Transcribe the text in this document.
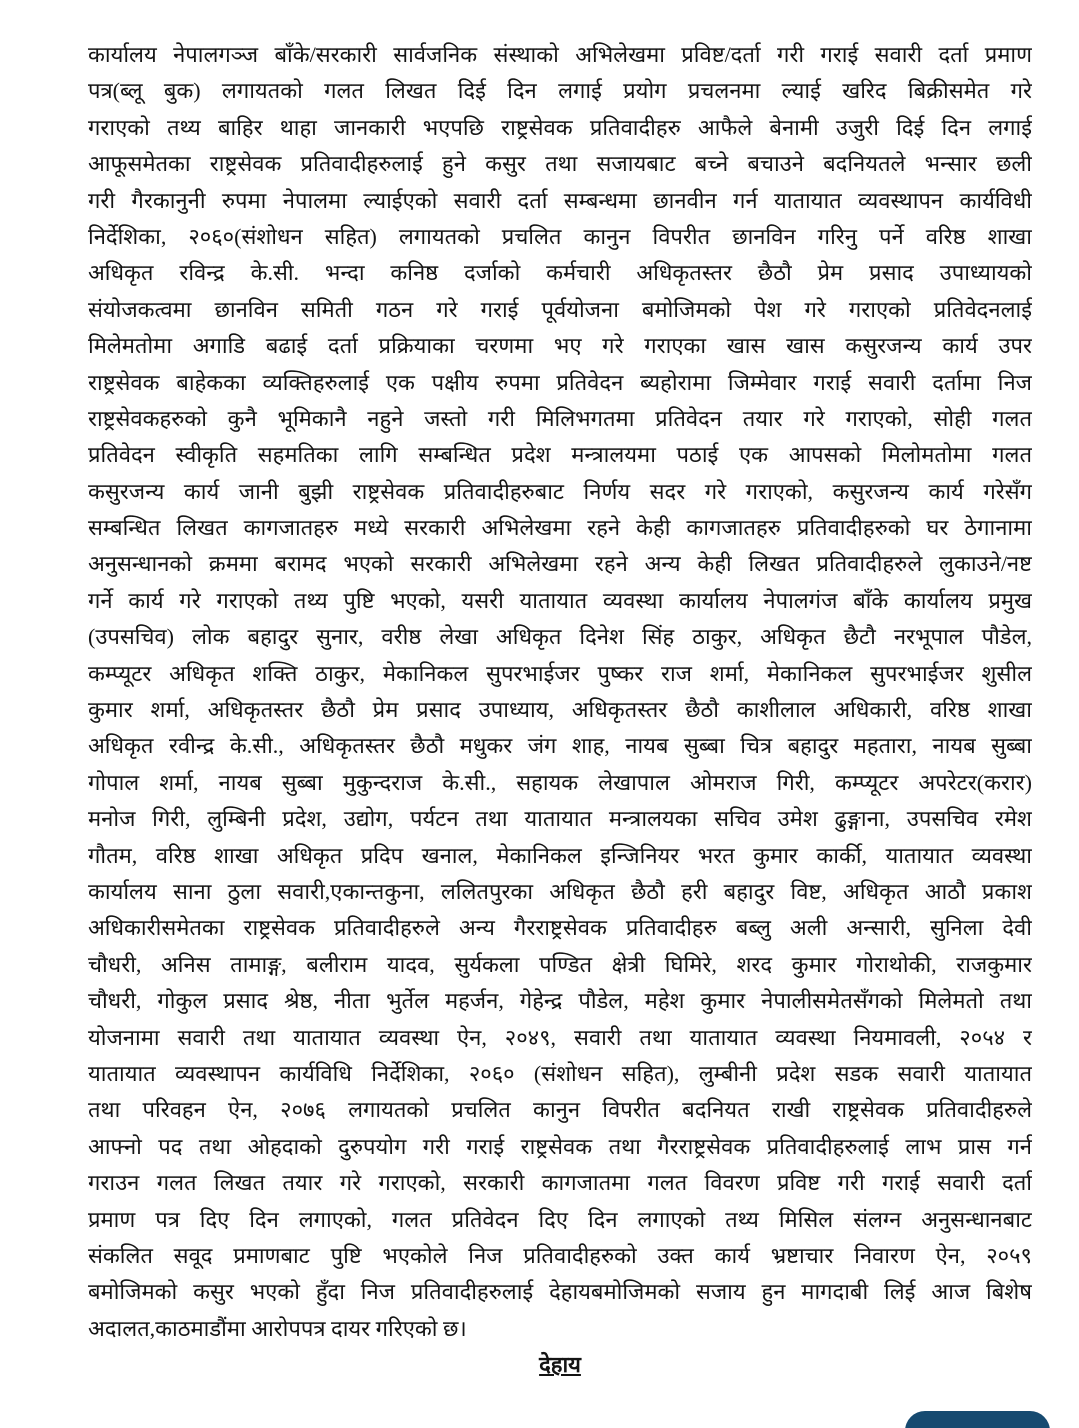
कार्यालय नेपालगञ्ज बाँके/सरकारी सार्वजनिक संस्थाको अभिलेखमा प्रविष्ट/दर्ता गरी गराई सवारी दर्ता प्रमाण
पत्र(ब्लू बुक) लगायतको गलत लिखत दिई दिन लगाई प्रयोग प्रचलनमा ल्याई खरिद बिक्रीसमेत गरे
गराएको तथ्य बाहिर थाहा जानकारी भएपछि राष्ट्रसेवक प्रतिवादीहरु आफैले बेनामी उजुरी दिई दिन लगाई
आफूसमेतका राष्ट्रसेवक प्रतिवादीहरुलाई हुने कसुर तथा सजायबाट बच्ने बचाउने बदनियतले भन्सार छली
गरी गैरकानुनी रुपमा नेपालमा ल्याईएको सवारी दर्ता सम्बन्धमा छानवीन गर्न यातायात व्यवस्थापन कार्यविधी
निर्देशिका, २०६०(संशोधन सहित) लगायतको प्रचलित कानुन विपरीत छानविन गरिनु पर्ने वरिष्ठ शाखा
अधिकृत रविन्द्र के.सी. भन्दा कनिष्ठ दर्जाको कर्मचारी अधिकृतस्तर छैठौ प्रेम प्रसाद उपाध्यायको
संयोजकत्वमा छानविन समिती गठन गरे गराई पूर्वयोजना बमोजिमको पेश गरे गराएको प्रतिवेदनलाई
मिलेमतोमा अगाडि बढाई दर्ता प्रक्रियाका चरणमा भए गरे गराएका खास खास कसुरजन्य कार्य उपर
राष्ट्रसेवक बाहेकका व्यक्तिहरुलाई एक पक्षीय रुपमा प्रतिवेदन ब्यहोरामा जिम्मेवार गराई सवारी दर्तामा निज
राष्ट्रसेवकहरुको कुनै भूमिकानै नहुने जस्तो गरी मिलिभगतमा प्रतिवेदन तयार गरे गराएको, सोही गलत
प्रतिवेदन स्वीकृति सहमतिका लागि सम्बन्धित प्रदेश मन्त्रालयमा पठाई एक आपसको मिलोमतोमा गलत
कसुरजन्य कार्य जानी बुझी राष्ट्रसेवक प्रतिवादीहरुबाट निर्णय सदर गरे गराएको, कसुरजन्य कार्य गरेसँग
सम्बन्धित लिखत कागजातहरु मध्ये सरकारी अभिलेखमा रहने केही कागजातहरु प्रतिवादीहरुको घर ठेगानामा
अनुसन्धानको क्रममा बरामद भएको सरकारी अभिलेखमा रहने अन्य केही लिखत प्रतिवादीहरुले लुकाउने/नष्ट
गर्ने कार्य गरे गराएको तथ्य पुष्टि भएको, यसरी यातायात व्यवस्था कार्यालय नेपालगंज बाँके कार्यालय प्रमुख
(उपसचिव) लोक बहादुर सुनार, वरीष्ठ लेखा अधिकृत दिनेश सिंह ठाकुर, अधिकृत छैटौ नरभूपाल पौडेल,
कम्प्यूटर अधिकृत शक्ति ठाकुर, मेकानिकल सुपरभाईजर पुष्कर राज शर्मा, मेकानिकल सुपरभाईजर शुसील
कुमार शर्मा, अधिकृतस्तर छैठौ प्रेम प्रसाद उपाध्याय, अधिकृतस्तर छैठौ काशीलाल अधिकारी, वरिष्ठ शाखा
अधिकृत रवीन्द्र के.सी., अधिकृतस्तर छैठौ मधुकर जंग शाह, नायब सुब्बा चित्र बहादुर महतारा, नायब सुब्बा
गोपाल शर्मा, नायब सुब्बा मुकुन्दराज के.सी., सहायक लेखापाल ओमराज गिरी, कम्प्यूटर अपरेटर(करार)
मनोज गिरी, लुम्बिनी प्रदेश, उद्योग, पर्यटन तथा यातायात मन्त्रालयका सचिव उमेश ढुङ्गाना, उपसचिव रमेश
गौतम, वरिष्ठ शाखा अधिकृत प्रदिप खनाल, मेकानिकल इन्जिनियर भरत कुमार कार्की, यातायात व्यवस्था
कार्यालय साना ठुला सवारी,एकान्तकुना, ललितपुरका अधिकृत छैठौ हरी बहादुर विष्ट, अधिकृत आठौ प्रकाश
अधिकारीसमेतका राष्ट्रसेवक प्रतिवादीहरुले अन्य गैरराष्ट्रसेवक प्रतिवादीहरु बब्लु अली अन्सारी, सुनिला देवी
चौधरी, अनिस तामाङ्ग, बलीराम यादव, सुर्यकला पण्डित क्षेत्री घिमिरे, शरद कुमार गोराथोकी, राजकुमार
चौधरी, गोकुल प्रसाद श्रेष्ठ, नीता भुर्तेल महर्जन, गेहेन्द्र पौडेल, महेश कुमार नेपालीसमेतसँगको मिलेमतो तथा
योजनामा सवारी तथा यातायात व्यवस्था ऐन, २०४९, सवारी तथा यातायात व्यवस्था नियमावली, २०५४ र
यातायात व्यवस्थापन कार्यविधि निर्देशिका, २०६० (संशोधन सहित), लुम्बीनी प्रदेश सडक सवारी यातायात
तथा परिवहन ऐन, २०७६ लगायतको प्रचलित कानुन विपरीत बदनियत राखी राष्ट्रसेवक प्रतिवादीहरुले
आफ्नो पद तथा ओहदाको दुरुपयोग गरी गराई राष्ट्रसेवक तथा गैरराष्ट्रसेवक प्रतिवादीहरुलाई लाभ प्रास गर्न
गराउन गलत लिखत तयार गरे गराएको, सरकारी कागजातमा गलत विवरण प्रविष्ट गरी गराई सवारी दर्ता
प्रमाण पत्र दिए दिन लगाएको, गलत प्रतिवेदन दिए दिन लगाएको तथ्य मिसिल संलग्न अनुसन्धानबाट
संकलित सवूद प्रमाणबाट पुष्टि भएकोले निज प्रतिवादीहरुको उक्त कार्य भ्रष्टाचार निवारण ऐन, २०५९
बमोजिमको कसुर भएको हुँदा निज प्रतिवादीहरुलाई देहायबमोजिमको सजाय हुन मागदाबी लिई आज बिशेष
अदालत,काठमाडौंमा आरोपपत्र दायर गरिएको छ।
देहाय
